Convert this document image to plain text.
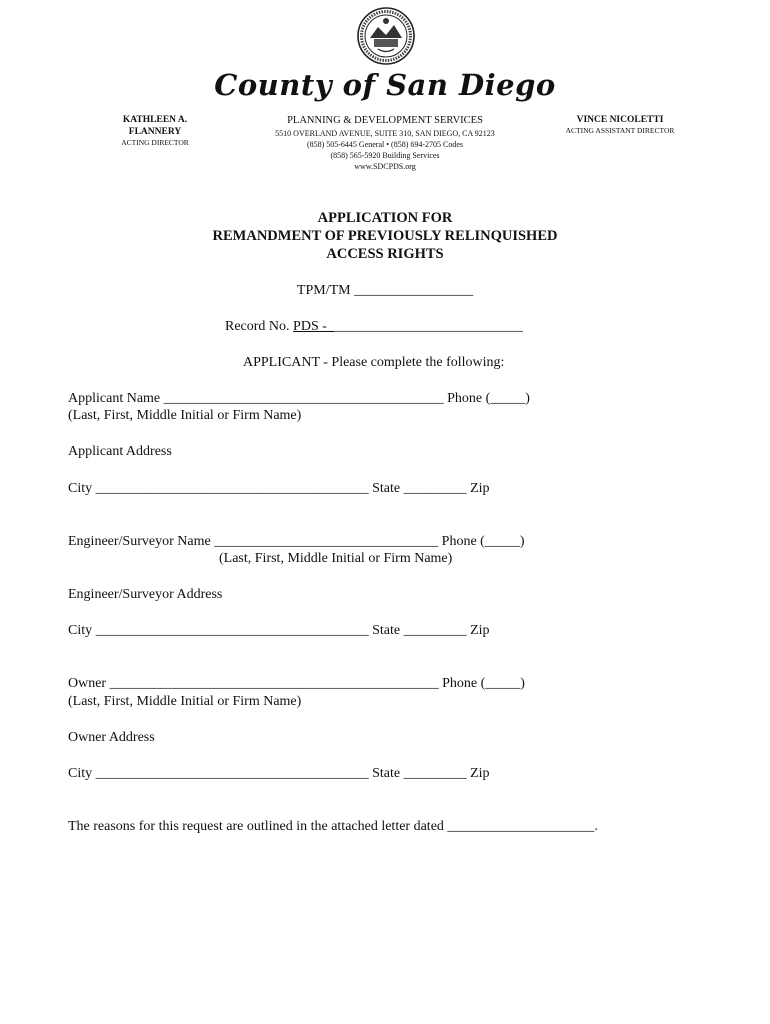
County of San Diego
KATHLEEN A.
FLANNERY
ACTING DIRECTOR
PLANNING & DEVELOPMENT SERVICES
5510 OVERLAND AVENUE, SUITE 310, SAN DIEGO, CA 92123
(858) 505-6445 General • (858) 694-2705 Codes
(858) 565-5920 Building Services
www.SDCPDS.org
VINCE NICOLETTI
ACTING ASSISTANT DIRECTOR
APPLICATION FOR
REMANDMENT OF PREVIOUSLY RELINQUISHED
ACCESS RIGHTS
TPM/TM _________________
Record No. PDS -____________________________
APPLICANT - Please complete the following:
Applicant Name ________________________________________ Phone (_____)
(Last, First, Middle Initial or Firm Name)
Applicant Address
City _______________________________________ State _________ Zip
Engineer/Surveyor Name ________________________________ Phone (_____)
(Last, First, Middle Initial or Firm Name)
Engineer/Surveyor Address
City _______________________________________ State _________ Zip
Owner _______________________________________________ Phone (_____)
(Last, First, Middle Initial or Firm Name)
Owner Address
City _______________________________________ State _________ Zip
The reasons for this request are outlined in the attached letter dated _____________________.
